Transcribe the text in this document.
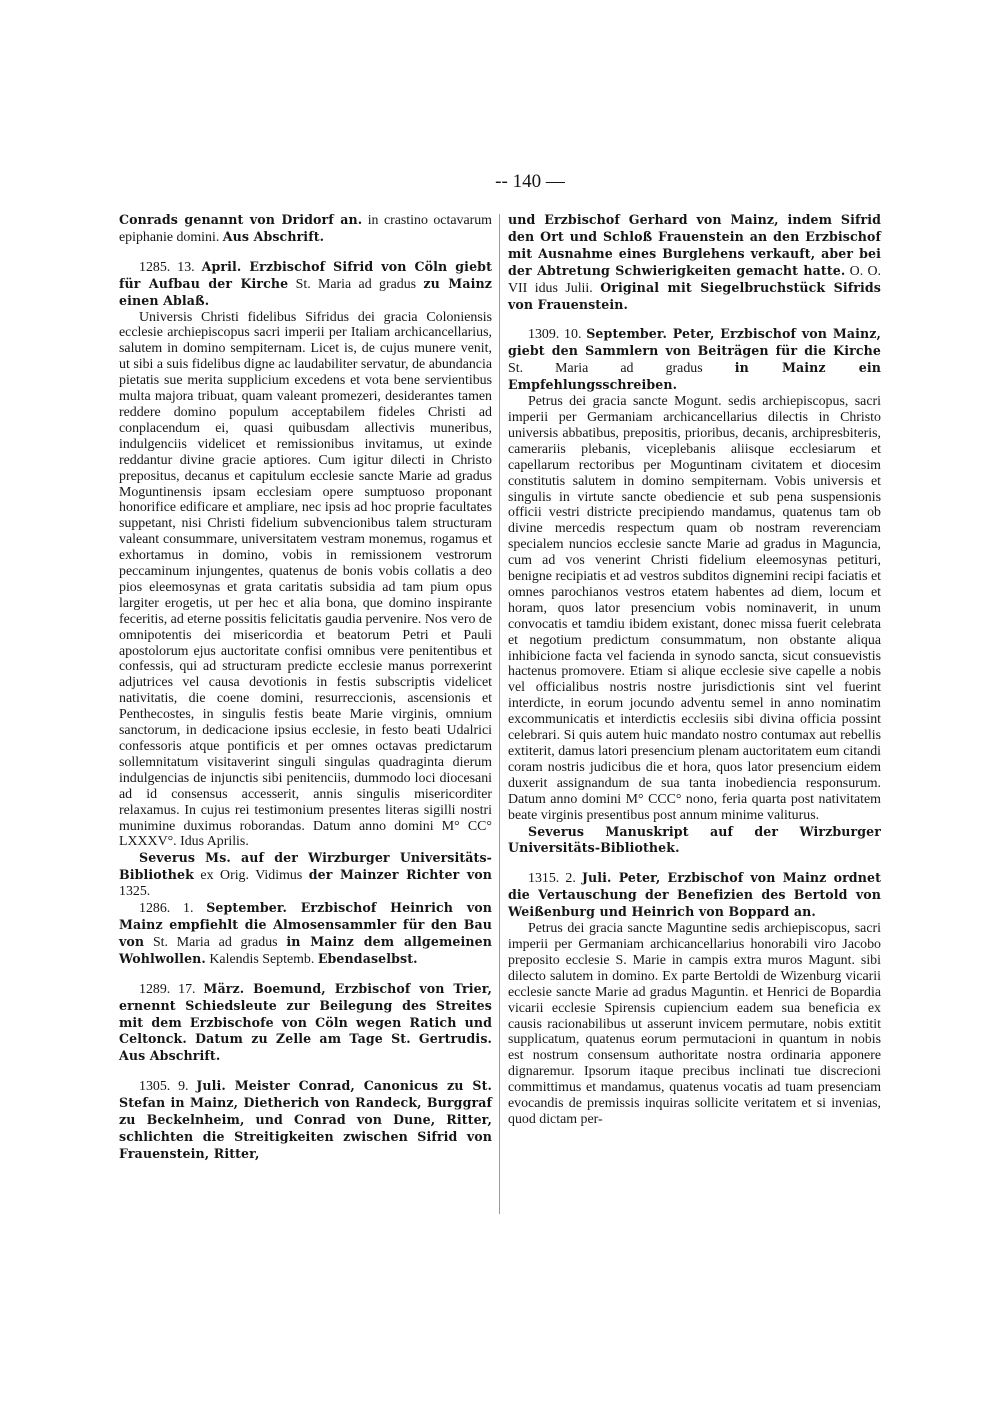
-- 140 —

Conrads genannt von Dridorf an. in crastino octavarum epiphanie domini. Aus Abschrift.

1285. 13. April. Erzbischof Sifrid von Cöln giebt für Aufbau der Kirche St. Maria ad gradus zu Mainz einen Ablaß.

Universis Christi fidelibus Sifridus dei gracia Coloniensis ecclesie archiepiscopus sacri imperii per Italiam archicancellarius, salutem in domino sempiternam. Licet is, de cujus munere venit, ut sibi a suis fidelibus digne ac laudabiliter servatur, de abundancia pietatis sue merita supplicium excedens et vota bene servientibus multa majora tribuat, quam valeant promezeri, desiderantes tamen reddere domino populum acceptabilem fideles Christi ad conplacendum ei, quasi quibusdam allectivis muneribus, indulgenciis videlicet et remissionibus invitamus, ut exinde reddantur divine gracie aptiores. Cum igitur dilecti in Christo prepositus, decanus et capitulum ecclesie sancte Marie ad gradus Moguntinensis ipsam ecclesiam opere sumptuoso proponant honorifice edificare et ampliare, nec ipsis ad hoc proprie facultates suppetant, nisi Christi fidelium subvencionibus talem structuram valeant consummare, universitatem vestram monemus, rogamus et exhortamus in domino, vobis in remissionem vestrorum peccaminum injungentes, quatenus de bonis vobis collatis a deo pios eleemosynas et grata caritatis subsidia ad tam pium opus largiter erogetis, ut per hec et alia bona, que domino inspirante feceritis, ad eterne possitis felicitatis gaudia pervenire. Nos vero de omnipotentis dei misericordia et beatorum Petri et Pauli apostolorum ejus auctoritate confisi omnibus vere penitentibus et confessis, qui ad structuram predicte ecclesie manus porrexerint adjutrices vel causa devotionis in festis subscriptis videlicet nativitatis, die coene domini, resurreccionis, ascensionis et Penthecostes, in singulis festis beate Marie virginis, omnium sanctorum, in dedicacione ipsius ecclesie, in festo beati Udalrici confessoris atque pontificis et per omnes octavas predictarum sollemnitatum visitaverint singuli singulas quadraginta dierum indulgencias de injunctis sibi penitenciis, dummodo loci diocesani ad id consensus accesserit, annis singulis misericorditer relaxamus. In cujus rei testimonium presentes literas sigilli nostri munimine duximus roborandas. Datum anno domini M° CC° LXXXV°. Idus Aprilis.

Severus Ms. auf der Wirzburger Universitäts-Bibliothek ex Orig. Vidimus der Mainzer Richter von 1325.

1286. 1. September. Erzbischof Heinrich von Mainz empfiehlt die Almosensammler für den Bau von St. Maria ad gradus in Mainz dem allgemeinen Wohlwollen. Kalendis Septemb. Ebendaselbst.

1289. 17. März. Boemund, Erzbischof von Trier, ernennt Schiedsleute zur Beilegung des Streites mit dem Erzbischofe von Cöln wegen Ratich und Celtonck. Datum zu Zelle am Tage St. Gertrudis. Aus Abschrift.

1305. 9. Juli. Meister Conrad, Canonicus zu St. Stefan in Mainz, Dietherich von Randeck, Burggraf zu Beckelnheim, und Conrad von Dune, Ritter, schlichten die Streitigkeiten zwischen Sifrid von Frauenstein, Ritter,

und Erzbischof Gerhard von Mainz, indem Sifrid den Ort und Schloß Frauenstein an den Erzbischof mit Ausnahme eines Burglehens verkauft, aber bei der Abtretung Schwierigkeiten gemacht hatte. O. O. VII idus Julii. Original mit Siegelbruchstück Sifrids von Frauenstein.

1309. 10. September. Peter, Erzbischof von Mainz, giebt den Sammlern von Beiträgen für die Kirche St. Maria ad gradus in Mainz ein Empfehlungsschreiben.

Petrus dei gracia sancte Mogunt. sedis archiepiscopus, sacri imperii per Germaniam archicancellarius dilectis in Christo universis abbatibus, prepositis, prioribus, decanis, archipresbiteris, camerariis plebanis, viceplebanis aliisque ecclesiarum et capellarum rectoribus per Moguntinam civitatem et diocesim constitutis salutem in domino sempiternam. Vobis universis et singulis in virtute sancte obediencie et sub pena suspensionis officii vestri districte precipiendo mandamus, quatenus tam ob divine mercedis respectum quam ob nostram reverenciam specialem nuncios ecclesie sancte Marie ad gradus in Maguncia, cum ad vos venerint Christi fidelium eleemosynas petituri, benigne recipiatis et ad vestros subditos dignemini recipi faciatis et omnes parochianos vestros etatem habentes ad diem, locum et horam, quos lator presencium vobis nominaverit, in unum convocatis et tamdiu ibidem existant, donec missa fuerit celebrata et negotium predictum consummatum, non obstante aliqua inhibicione facta vel facienda in synodo sancta, sicut consuevistis hactenus promovere. Etiam si alique ecclesie sive capelle a nobis vel officialibus nostris nostre jurisdictionis sint vel fuerint interdicte, in eorum jocundo adventu semel in anno nominatim excommunicatis et interdictis ecclesiis sibi divina officia possint celebrari. Si quis autem huic mandato nostro contumax aut rebellis extiterit, damus latori presencium plenam auctoritatem eum citandi coram nostris judicibus die et hora, quos lator presencium eidem duxerit assignandum de sua tanta inobediencia responsurum. Datum anno domini M° CCC° nono, feria quarta post nativitatem beate virginis presentibus post annum minime valiturus.

Severus Manuskript auf der Wirzburger Universitäts-Bibliothek.

1315. 2. Juli. Peter, Erzbischof von Mainz ordnet die Vertauschung der Benefizien des Bertold von Weißenburg und Heinrich von Boppard an.

Petrus dei gracia sancte Maguntine sedis archiepiscopus, sacri imperii per Germaniam archicancellarius honorabili viro Jacobo preposito ecclesie S. Marie in campis extra muros Magunt. sibi dilecto salutem in domino. Ex parte Bertoldi de Wizenburg vicarii ecclesie sancte Marie ad gradus Maguntin. et Henrici de Bopardia vicarii ecclesie Spirensis cupiencium eadem sua beneficia ex causis racionabilibus ut asserunt invicem permutare, nobis extitit supplicatum, quatenus eorum permutacioni in quantum in nobis est nostrum consensum authoritate nostra ordinaria apponere dignaremur. Ipsorum itaque precibus inclinati tue discrecioni committimus et mandamus, quatenus vocatis ad tuam presenciam evocandis de premissis inquiras sollicite veritatem et si invenias, quod dictam per-
